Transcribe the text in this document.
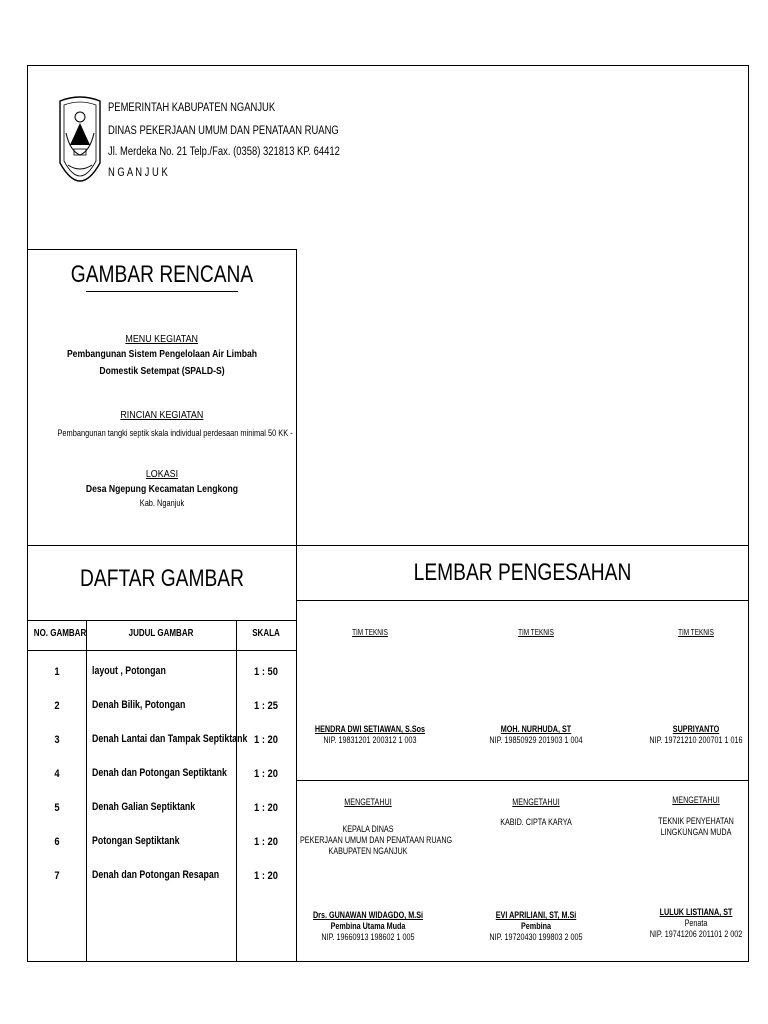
PEMERINTAH KABUPATEN NGANJUK
DINAS PEKERJAAN UMUM DAN PENATAAN RUANG
Jl. Merdeka No. 21 Telp./Fax. (0358) 321813 KP. 64412
N G A N J U K
GAMBAR RENCANA
MENU KEGIATAN
Pembangunan Sistem Pengelolaan Air Limbah
Domestik Setempat (SPALD-S)
RINCIAN KEGIATAN
Pembangunan tangki septik skala individual perdesaan minimal 50 KK -
LOKASI
Desa Ngepung Kecamatan Lengkong
Kab. Nganjuk
DAFTAR GAMBAR
NO. GAMBAR	JUDUL GAMBAR	SKALA
1	layout , Potongan	1 : 50
2	Denah Bilik, Potongan	1 : 25
3	Denah Lantai dan Tampak Septiktank 1 : 20
4	Denah dan Potongan Septiktank	1 : 20
5	Denah Galian Septiktank	1 : 20
6	Potongan Septiktank	1 : 20
7	Denah dan Potongan Resapan	1 : 20
LEMBAR PENGESAHAN
TIM TEKNIS
HENDRA DWI SETIAWAN, S.Sos
NIP. 19831201 200312 1 003
TIM TEKNIS
MOH. NURHUDA, ST
NIP. 19850929 201903 1 004
TIM TEKNIS
SUPRIYANTO
NIP. 19721210 200701 1 016
MENGETAHUI
KEPALA DINAS
PEKERJAAN UMUM DAN PENATAAN RUANG
KABUPATEN NGANJUK
Drs. GUNAWAN WIDAGDO, M.Si
Pembina Utama Muda
NIP. 19660913 198602 1 005
MENGETAHUI
KABID. CIPTA KARYA
EVI APRILIANI, ST, M.Si
Pembina
NIP. 19720430 199803 2 005
MENGETAHUI
TEKNIK PENYEHATAN
LINGKUNGAN MUDA
LULUK LISTIANA, ST
Penata
NIP. 19741206 201101 2 002
